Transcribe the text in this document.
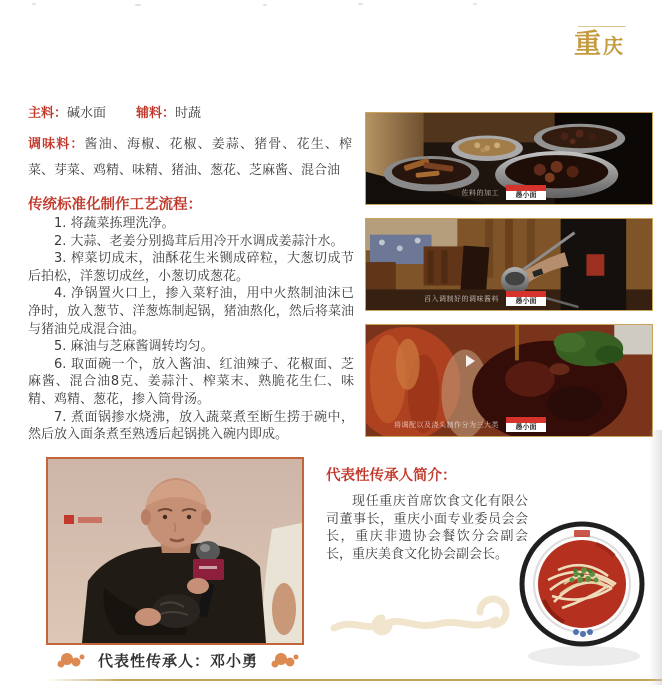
重 庆
主料：碱水面 辅料：时蔬

调味料：酱油、海椒、花椒、姜蒜、猪骨、花生、榨菜、芽菜、鸡精、味精、猪油、葱花、芝麻酱、混合油

传统标准化制作工艺流程：

1. 将蔬菜拣理洗净。

2. 大蒜、老姜分别捣茸后用冷开水调成姜蒜汁水。

3. 榨菜切成末，油酥花生米铡成碎粒，大葱切成节后拍松，洋葱切成丝，小葱切成葱花。

4. 净锅置火口上，掺入菜籽油，用中火熬制油沫已净时，放入葱节、洋葱炼制起锅，猪油熬化，然后将菜油与猪油兑成混合油。

5. 麻油与芝麻酱调转均匀。

6. 取面碗一个，放入酱油、红油辣子、花椒面、芝麻酱、混合油8克、姜蒜汁、榨菜末、熟脆花生仁、味精、鸡精、葱花，掺入筒骨汤。

7. 煮面锅掺水烧沸，放入蔬菜煮至断生捞于碗中，然后放入面条煮至熟透后起锅挑入碗内即成。

佐料的加工	愚小面
舀入调制好的调味酱料	愚小面
将调配以及浇头制作分为三大类	愚小面
代表性传承人简介：

现任重庆首席饮食文化有限公司董事长，重庆小面专业委员会会长，重庆非遗协会餐饮分会副会长，重庆美食文化协会副会长。

代表性传承人：邓小勇
